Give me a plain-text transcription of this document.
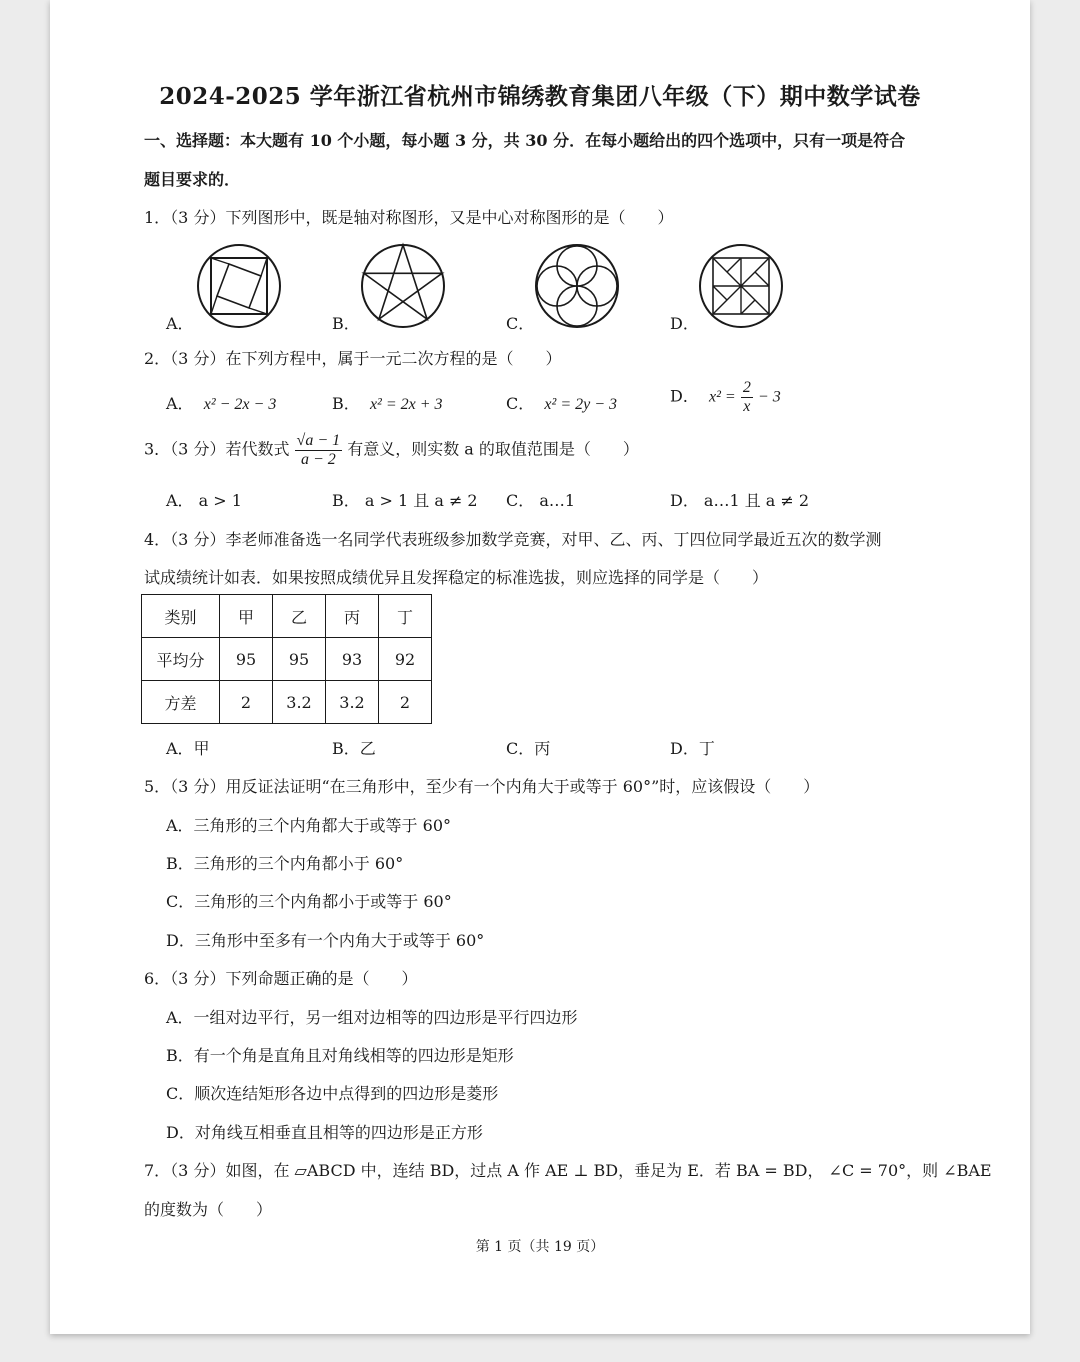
2024-2025 学年浙江省杭州市锦绣教育集团八年级（下）期中数学试卷
一、选择题：本大题有 10 个小题，每小题 3 分，共 30 分．在每小题给出的四个选项中，只有一项是符合
题目要求的．
1．（3 分）下列图形中，既是轴对称图形，又是中心对称图形的是（　　）
A．	B．	C．	D．
2．（3 分）在下列方程中，属于一元二次方程的是（　　）
A． x² − 2x − 3	B． x² = 2x + 3	C． x² = 2y − 3	D． $x^2 = \frac{2}{x} - 3$
3．（3 分）若代数式 $\frac{√a - 1}{a - 2}$ 有意义，则实数 a 的取值范围是（　　）
A． a > 1	B． a > 1 且 a ≠ 2 C． a…1	D． a…1 且 a ≠ 2
4．（3 分）李老师准备选一名同学代表班级参加数学竞赛，对甲、乙、丙、丁四位同学最近五次的数学测
试成绩统计如表．如果按照成绩优异且发挥稳定的标准选拔，则应选择的同学是（　　）
类别	甲	乙	丙	丁
平均分	95	95	93	92
方差	2	3.2	3.2	2
A．甲	B．乙	C．丙	D．丁
5．（3 分）用反证法证明“在三角形中，至少有一个内角大于或等于 60°”时，应该假设（　　）
A．三角形的三个内角都大于或等于 60°
B．三角形的三个内角都小于 60°
C．三角形的三个内角都小于或等于 60°
D．三角形中至多有一个内角大于或等于 60°
6．（3 分）下列命题正确的是（　　）
A．一组对边平行，另一组对边相等的四边形是平行四边形
B．有一个角是直角且对角线相等的四边形是矩形
C．顺次连结矩形各边中点得到的四边形是菱形
D．对角线互相垂直且相等的四边形是正方形
7．（3 分）如图，在 ▱ABCD 中，连结 BD，过点 A 作 AE ⊥ BD，垂足为 E．若 BA = BD， ∠C = 70°，则 ∠BAE
的度数为（　　）
第 1 页（共 19 页）
